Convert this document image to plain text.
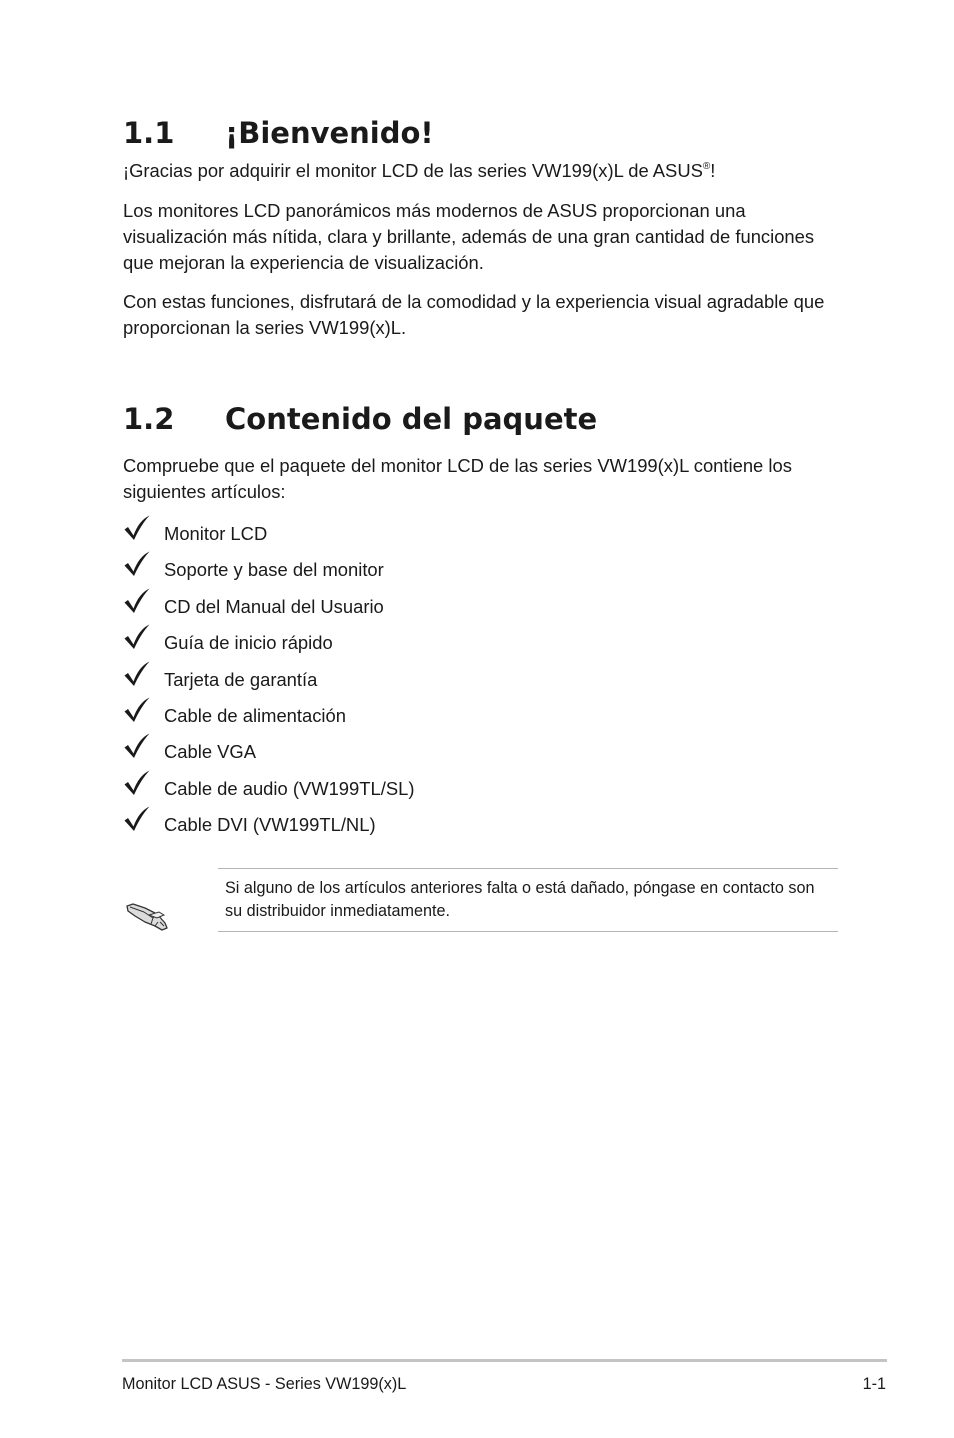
1.1 ¡Bienvenido!

¡Gracias por adquirir el monitor LCD de las series VW199(x)L de ASUS®!

Los monitores LCD panorámicos más modernos de ASUS proporcionan una visualización más nítida, clara y brillante, además de una gran cantidad de funciones que mejoran la experiencia de visualización.

Con estas funciones, disfrutará de la comodidad y la experiencia visual agradable que proporcionan la series VW199(x)L.

1.2 Contenido del paquete

Compruebe que el paquete del monitor LCD de las series VW199(x)L contiene los siguientes artículos:

Monitor LCD
Soporte y base del monitor
CD del Manual del Usuario
Guía de inicio rápido
Tarjeta de garantía
Cable de alimentación
Cable VGA
Cable de audio (VW199TL/SL)
Cable DVI (VW199TL/NL)

Si alguno de los artículos anteriores falta o está dañado, póngase en contacto son su distribuidor inmediatamente.

Monitor LCD ASUS - Series VW199(x)L	1-1
